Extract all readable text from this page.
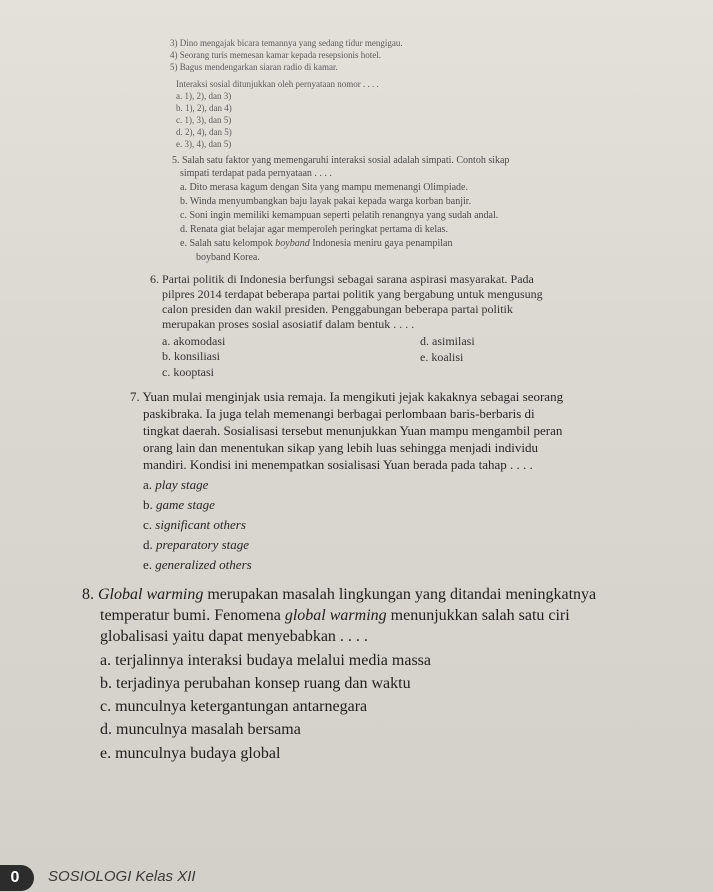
3) Dino mengajak bicara temannya yang sedang tidur mengigau.
4) Seorang turis memesan kamar kepada resepsionis hotel.
5) Bagus mendengarkan siaran radio di kamar.
Interaksi sosial ditunjukkan oleh pernyataan nomor . . . .
a. 1), 2), dan 3)
b. 1), 2), dan 4)
c. 1), 3), dan 5)
d. 2), 4), dan 5)
e. 3), 4), dan 5)
5. Salah satu faktor yang memengaruhi interaksi sosial adalah simpati. Contoh sikap
simpati terdapat pada pernyataan . . . .
a. Dito merasa kagum dengan Sita yang mampu memenangi Olimpiade.
b. Winda menyumbangkan baju layak pakai kepada warga korban banjir.
c. Soni ingin memiliki kemampuan seperti pelatih renangnya yang sudah andal.
d. Renata giat belajar agar memperoleh peringkat pertama di kelas.
e. Salah satu kelompok boyband Indonesia meniru gaya penampilan
boyband Korea.
6. Partai politik di Indonesia berfungsi sebagai sarana aspirasi masyarakat. Pada
pilpres 2014 terdapat beberapa partai politik yang bergabung untuk mengusung
calon presiden dan wakil presiden. Penggabungan beberapa partai politik
merupakan proses sosial asosiatif dalam bentuk . . . .
a. akomodasi	d. asimilasi
b. konsiliasi	e. koalisi
c. kooptasi
7. Yuan mulai menginjak usia remaja. Ia mengikuti jejak kakaknya sebagai seorang
paskibraka. Ia juga telah memenangi berbagai perlombaan baris-berbaris di
tingkat daerah. Sosialisasi tersebut menunjukkan Yuan mampu mengambil peran
orang lain dan menentukan sikap yang lebih luas sehingga menjadi individu
mandiri. Kondisi ini menempatkan sosialisasi Yuan berada pada tahap . . . .
a. play stage
b. game stage
c. significant others
d. preparatory stage
e. generalized others
8. Global warming merupakan masalah lingkungan yang ditandai meningkatnya
temperatur bumi. Fenomena global warming menunjukkan salah satu ciri
globalisasi yaitu dapat menyebabkan . . . .
a. terjalinnya interaksi budaya melalui media massa
b. terjadinya perubahan konsep ruang dan waktu
c. munculnya ketergantungan antarnegara
d. munculnya masalah bersama
e. munculnya budaya global
0	SOSIOLOGI Kelas XII
